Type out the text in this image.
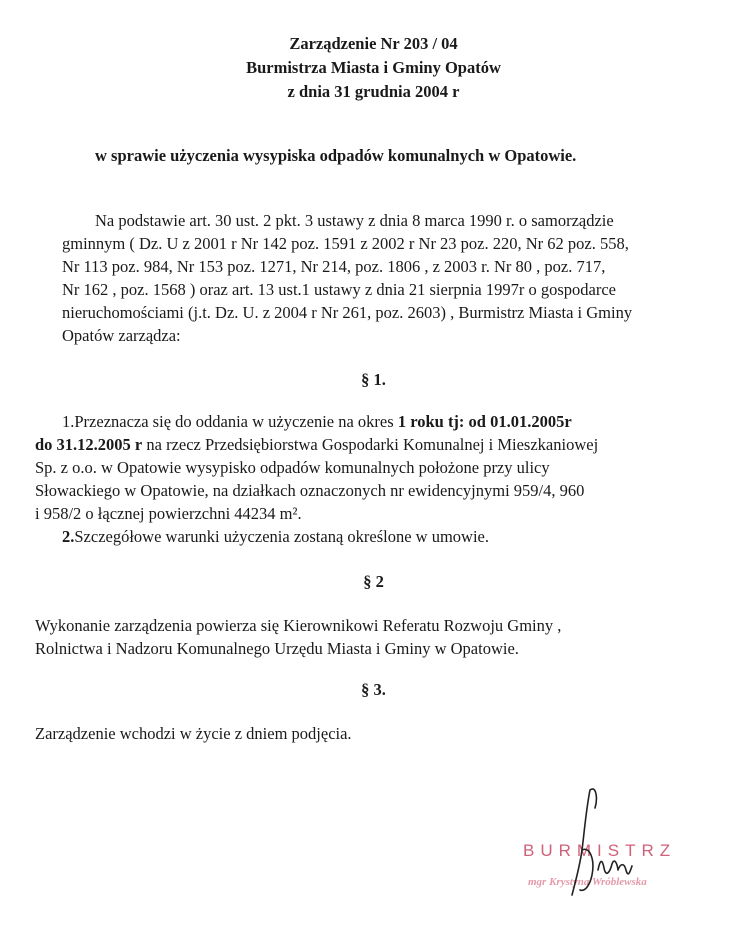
Zarządzenie Nr 203 / 04
Burmistrza Miasta i Gminy Opatów
z dnia 31 grudnia 2004 r
w sprawie użyczenia wysypiska odpadów komunalnych w Opatowie.
Na podstawie art. 30 ust. 2 pkt. 3 ustawy z dnia 8 marca 1990 r. o samorządzie
gminnym ( Dz. U z 2001 r Nr 142 poz. 1591 z 2002 r Nr 23 poz. 220, Nr 62 poz. 558,
Nr 113 poz. 984, Nr 153 poz. 1271, Nr 214, poz. 1806 , z 2003 r. Nr 80 , poz. 717,
Nr 162 , poz. 1568 ) oraz art. 13 ust.1 ustawy z dnia 21 sierpnia 1997r o gospodarce
nieruchomościami (j.t. Dz. U. z 2004 r Nr 261, poz. 2603) , Burmistrz Miasta i Gminy
Opatów zarządza:
§ 1.
1.Przeznacza się do oddania w użyczenie na okres 1 roku tj: od 01.01.2005r
do 31.12.2005 r na rzecz Przedsiębiorstwa Gospodarki Komunalnej i Mieszkaniowej
Sp. z o.o. w Opatowie wysypisko odpadów komunalnych położone przy ulicy
Słowackiego w Opatowie, na działkach oznaczonych nr ewidencyjnymi 959/4, 960
i 958/2 o łącznej powierzchni 44234 m².
2.Szczegółowe warunki użyczenia zostaną określone w umowie.
§ 2
Wykonanie zarządzenia powierza się Kierownikowi Referatu Rozwoju Gminy ,
Rolnictwa i Nadzoru Komunalnego Urzędu Miasta i Gminy w Opatowie.
§ 3.
Zarządzenie wchodzi w życie z dniem podjęcia.
BURMISTRZ
mgr Krystyna Wróblewska
